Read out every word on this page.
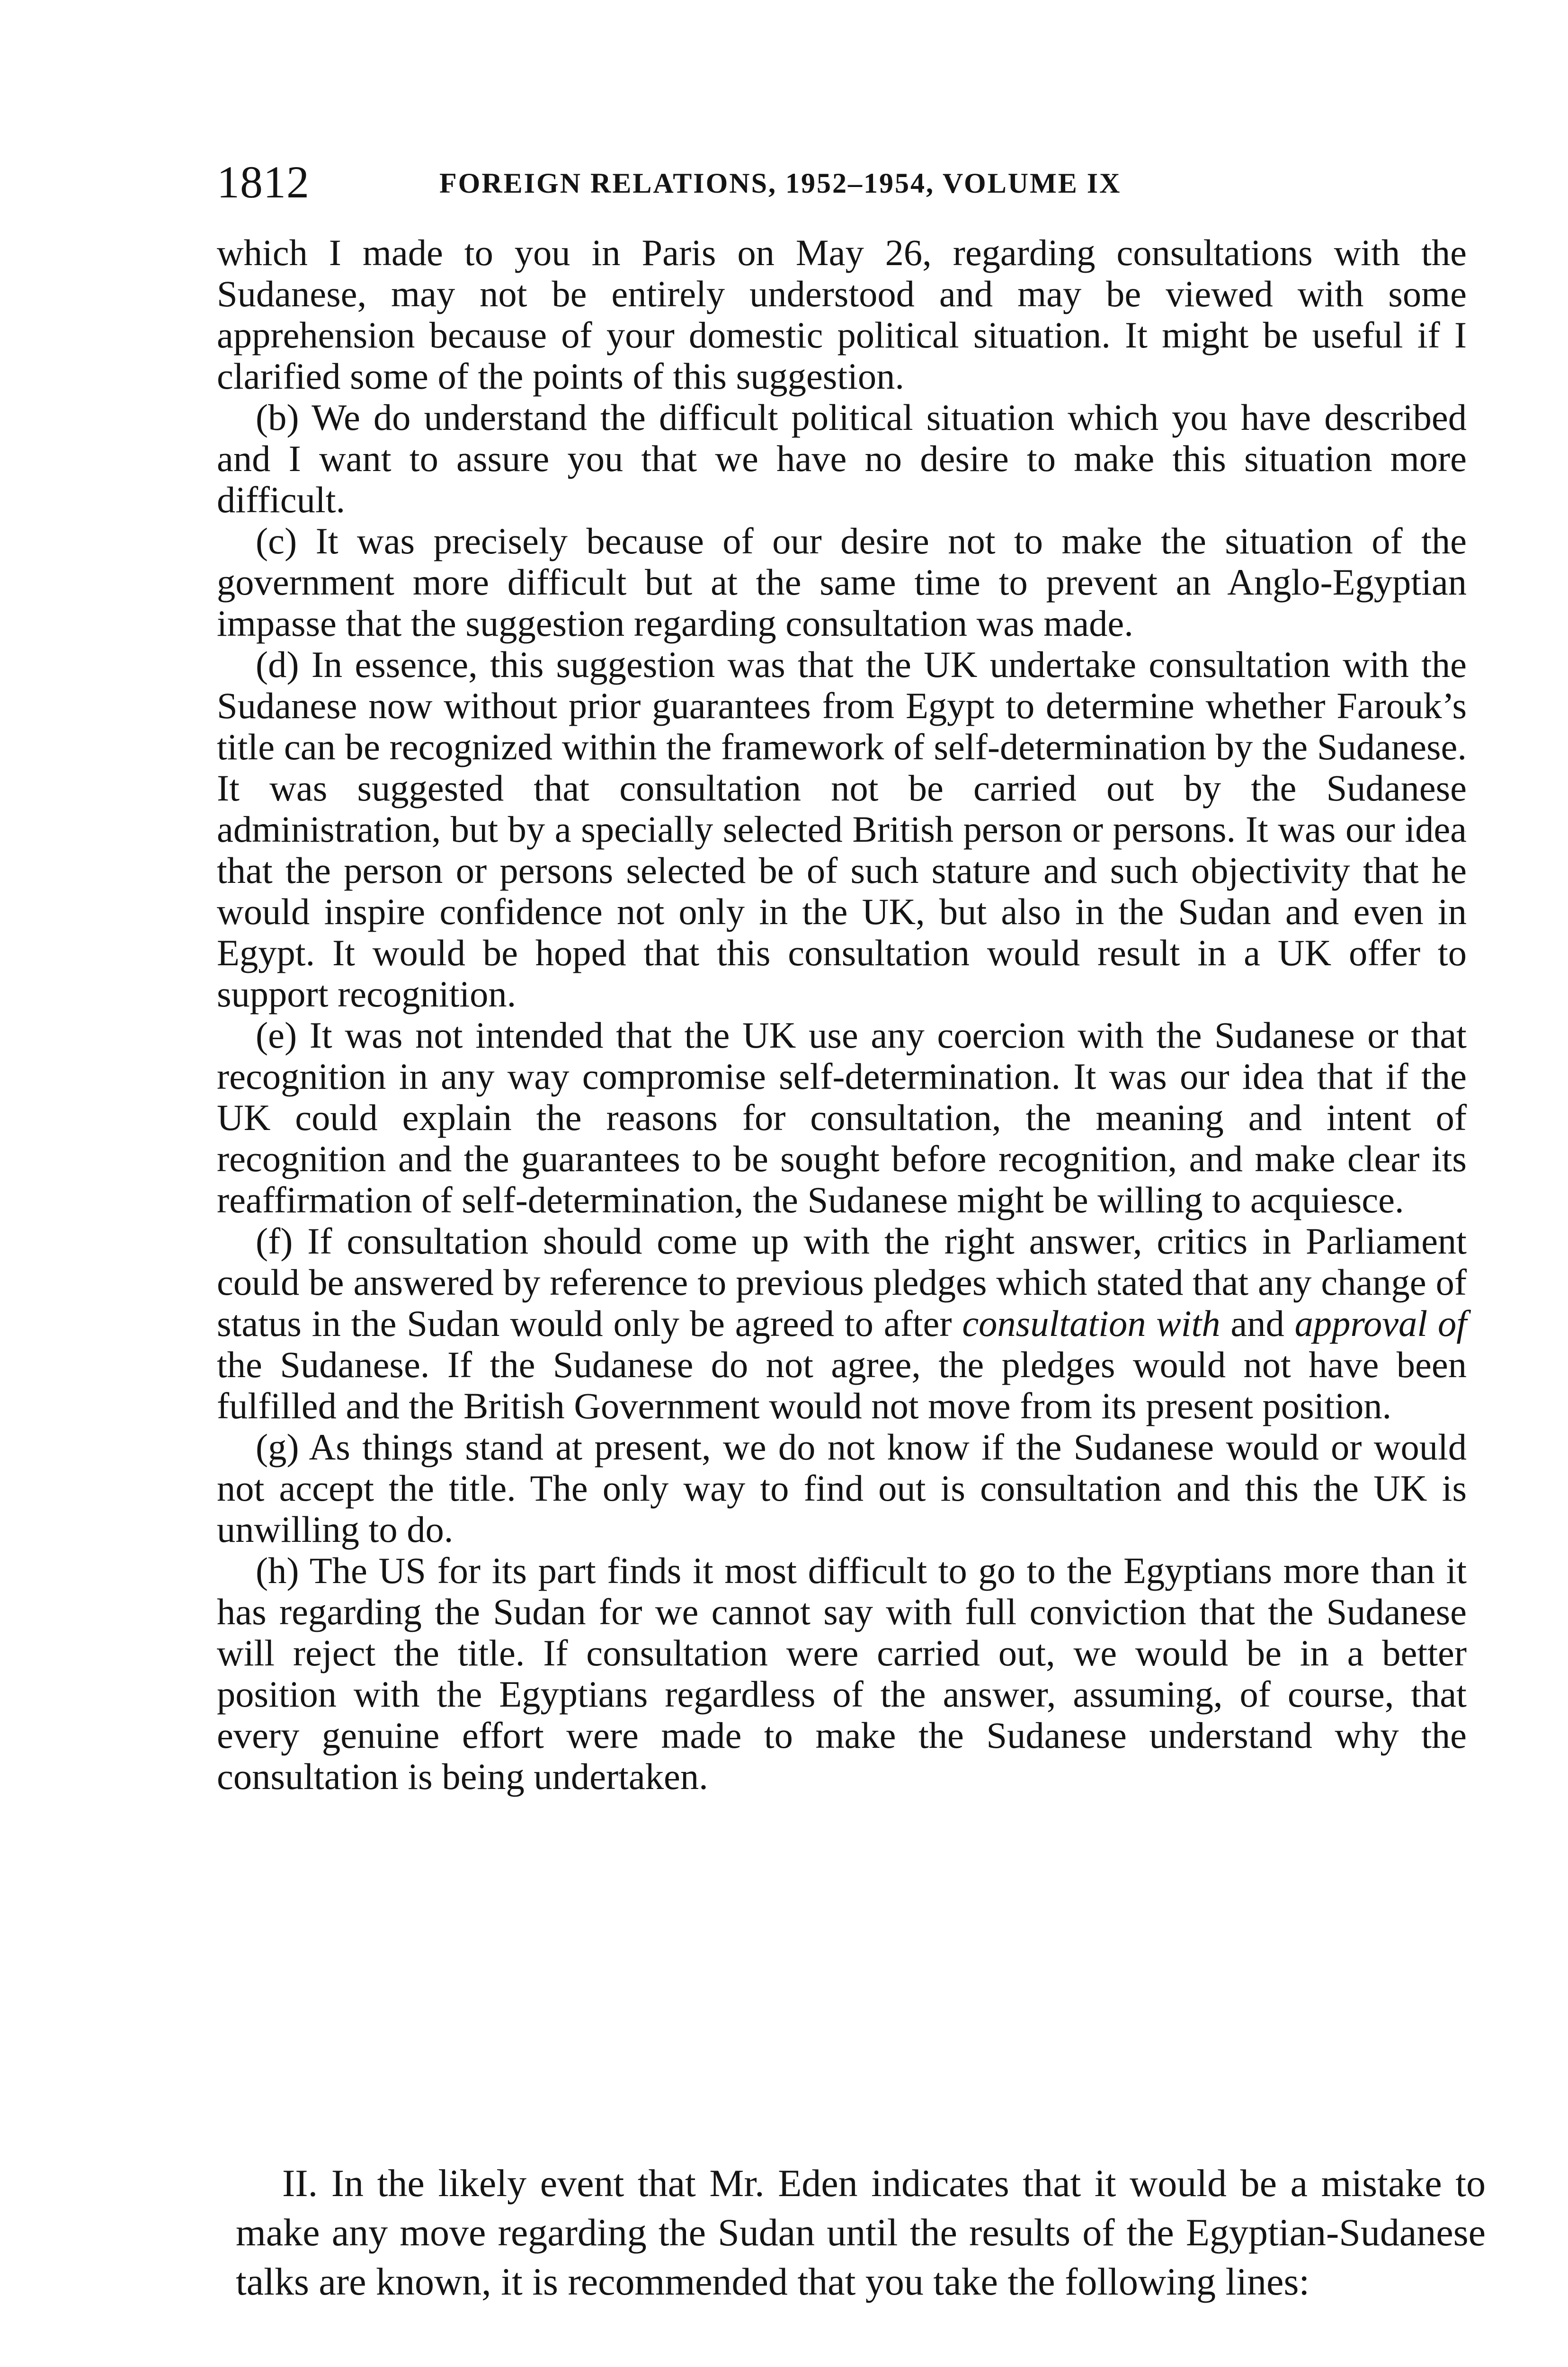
1812	FOREIGN RELATIONS, 1952–1954, VOLUME IX

which I made to you in Paris on May 26, regarding consultations with the Sudanese, may not be entirely understood and may be viewed with some apprehension because of your domestic political situation. It might be useful if I clarified some of the points of this suggestion.

(b) We do understand the difficult political situation which you have described and I want to assure you that we have no desire to make this situation more difficult.

(c) It was precisely because of our desire not to make the situation of the government more difficult but at the same time to prevent an Anglo-Egyptian impasse that the suggestion regarding consultation was made.

(d) In essence, this suggestion was that the UK undertake consultation with the Sudanese now without prior guarantees from Egypt to determine whether Farouk’s title can be recognized within the framework of self-determination by the Sudanese. It was suggested that consultation not be carried out by the Sudanese administration, but by a specially selected British person or persons. It was our idea that the person or persons selected be of such stature and such objectivity that he would inspire confidence not only in the UK, but also in the Sudan and even in Egypt. It would be hoped that this consultation would result in a UK offer to support recognition.

(e) It was not intended that the UK use any coercion with the Sudanese or that recognition in any way compromise self-determination. It was our idea that if the UK could explain the reasons for consultation, the meaning and intent of recognition and the guarantees to be sought before recognition, and make clear its reaffirmation of self-determination, the Sudanese might be willing to acquiesce.

(f) If consultation should come up with the right answer, critics in Parliament could be answered by reference to previous pledges which stated that any change of status in the Sudan would only be agreed to after consultation with and approval of the Sudanese. If the Sudanese do not agree, the pledges would not have been fulfilled and the British Government would not move from its present position.

(g) As things stand at present, we do not know if the Sudanese would or would not accept the title. The only way to find out is consultation and this the UK is unwilling to do.

(h) The US for its part finds it most difficult to go to the Egyptians more than it has regarding the Sudan for we cannot say with full conviction that the Sudanese will reject the title. If consultation were carried out, we would be in a better position with the Egyptians regardless of the answer, assuming, of course, that every genuine effort were made to make the Sudanese understand why the consultation is being undertaken.

II. In the likely event that Mr. Eden indicates that it would be a mistake to make any move regarding the Sudan until the results of the Egyptian-Sudanese talks are known, it is recommended that you take the following lines:
